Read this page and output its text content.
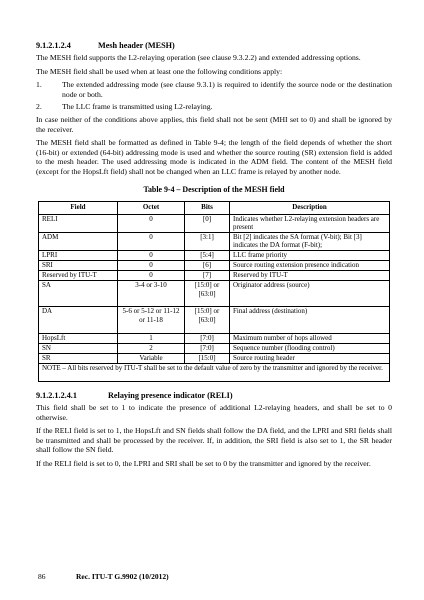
9.1.2.1.2.4	Mesh header (MESH)

The MESH field supports the L2-relaying operation (see clause 9.3.2.2) and extended addressing options.

The MESH field shall be used when at least one the following conditions apply:

1.	The extended addressing mode (see clause 9.3.1) is required to identify the source node or the destination node or both.
2.	The LLC frame is transmitted using L2-relaying.

In case neither of the conditions above applies, this field shall not be sent (MHI set to 0) and shall be ignored by the receiver.

The MESH field shall be formatted as defined in Table 9-4; the length of the field depends of whether the short (16-bit) or extended (64-bit) addressing mode is used and whether the source routing (SR) extension field is added to the mesh header. The used addressing mode is indicated in the ADM field. The content of the MESH field (except for the HopsLft field) shall not be changed when an LLC frame is relayed by another node.

Table 9-4 – Description of the MESH field
Field	Octet	Bits	Description
RELI	0	[0]	Indicates whether L2-relaying extension headers are present
ADM	0	[3:1]	Bit [2] indicates the SA format (V-bit); Bit [3] indicates the DA format (F-bit);
LPRI	0	[5:4]	LLC frame priority
SRI	0	[6]	Source routing extension presence indication
Reserved by ITU-T	0	[7]	Reserved by ITU-T
SA	3-4 or 3-10	[15:0] or [63:0]	Originator address (source)
DA	5-6 or 5-12 or 11-12 or 11-18	[15:0] or [63:0]	Final address (destination)
HopsLft	1	[7:0]	Maximum number of hops allowed
SN	2	[7:0]	Sequence number (flooding control)
SR	Variable	[15:0]	Source routing header
NOTE – All bits reserved by ITU-T shall be set to the default value of zero by the transmitter and ignored by the receiver.			
9.1.2.1.2.4.1	Relaying presence indicator (RELI)

This field shall be set to 1 to indicate the presence of additional L2-relaying headers, and shall be set to 0 otherwise.

If the RELI field is set to 1, the HopsLft and SN fields shall follow the DA field, and the LPRI and SRI fields shall be transmitted and shall be processed by the receiver. If, in addition, the SRI field is also set to 1, the SR header shall follow the SN field.

If the RELI field is set to 0, the LPRI and SRI shall be set to 0 by the transmitter and ignored by the receiver.

86	Rec. ITU-T G.9902 (10/2012)
